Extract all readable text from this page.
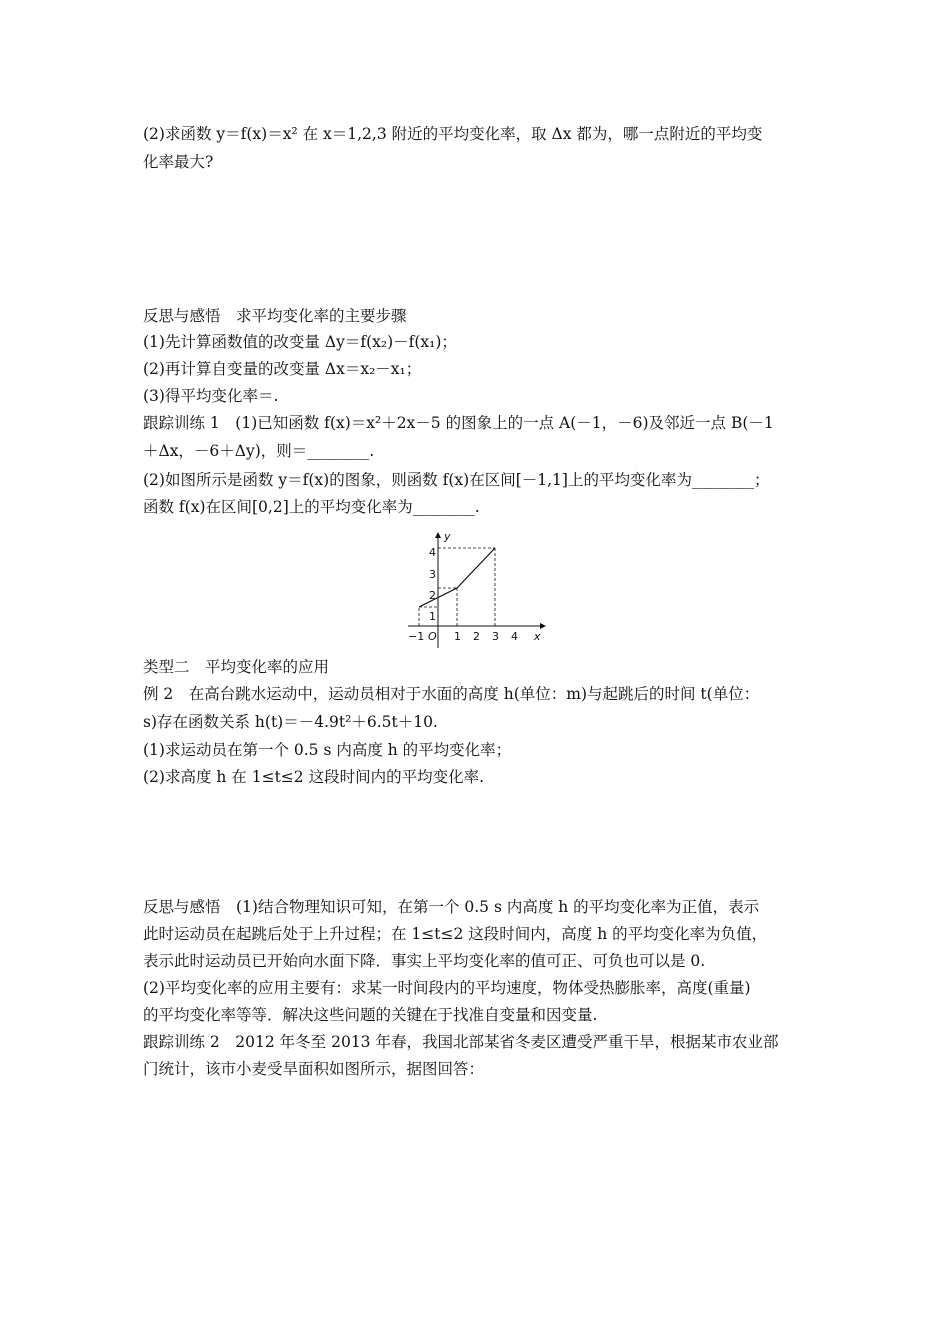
(2)求函数 y＝f(x)＝x² 在 x＝1,2,3 附近的平均变化率，取 Δx 都为，哪一点附近的平均变
化率最大?
反思与感悟　求平均变化率的主要步骤
(1)先计算函数值的改变量 Δy＝f(x₂)－f(x₁)；
(2)再计算自变量的改变量 Δx＝x₂－x₁；
(3)得平均变化率＝.
跟踪训练 1　(1)已知函数 f(x)＝x²＋2x－5 的图象上的一点 A(－1，－6)及邻近一点 B(－1
＋Δx，－6＋Δy)，则＝________.
(2)如图所示是函数 y＝f(x)的图象，则函数 f(x)在区间[－1,1]上的平均变化率为________；
函数 f(x)在区间[0,2]上的平均变化率为________.
y
x
O
−1	1 2 3 4
1
2
3
4
类型二　平均变化率的应用
例 2　在高台跳水运动中，运动员相对于水面的高度 h(单位：m)与起跳后的时间 t(单位：
s)存在函数关系 h(t)＝－4.9t²＋6.5t＋10.
(1)求运动员在第一个 0.5 s 内高度 h 的平均变化率；
(2)求高度 h 在 1≤t≤2 这段时间内的平均变化率.
反思与感悟　(1)结合物理知识可知，在第一个 0.5 s 内高度 h 的平均变化率为正值，表示
此时运动员在起跳后处于上升过程；在 1≤t≤2 这段时间内，高度 h 的平均变化率为负值，
表示此时运动员已开始向水面下降．事实上平均变化率的值可正、可负也可以是 0.
(2)平均变化率的应用主要有：求某一时间段内的平均速度，物体受热膨胀率，高度(重量)
的平均变化率等等．解决这些问题的关键在于找准自变量和因变量.
跟踪训练 2　2012 年冬至 2013 年春，我国北部某省冬麦区遭受严重干旱，根据某市农业部
门统计，该市小麦受旱面积如图所示，据图回答：
